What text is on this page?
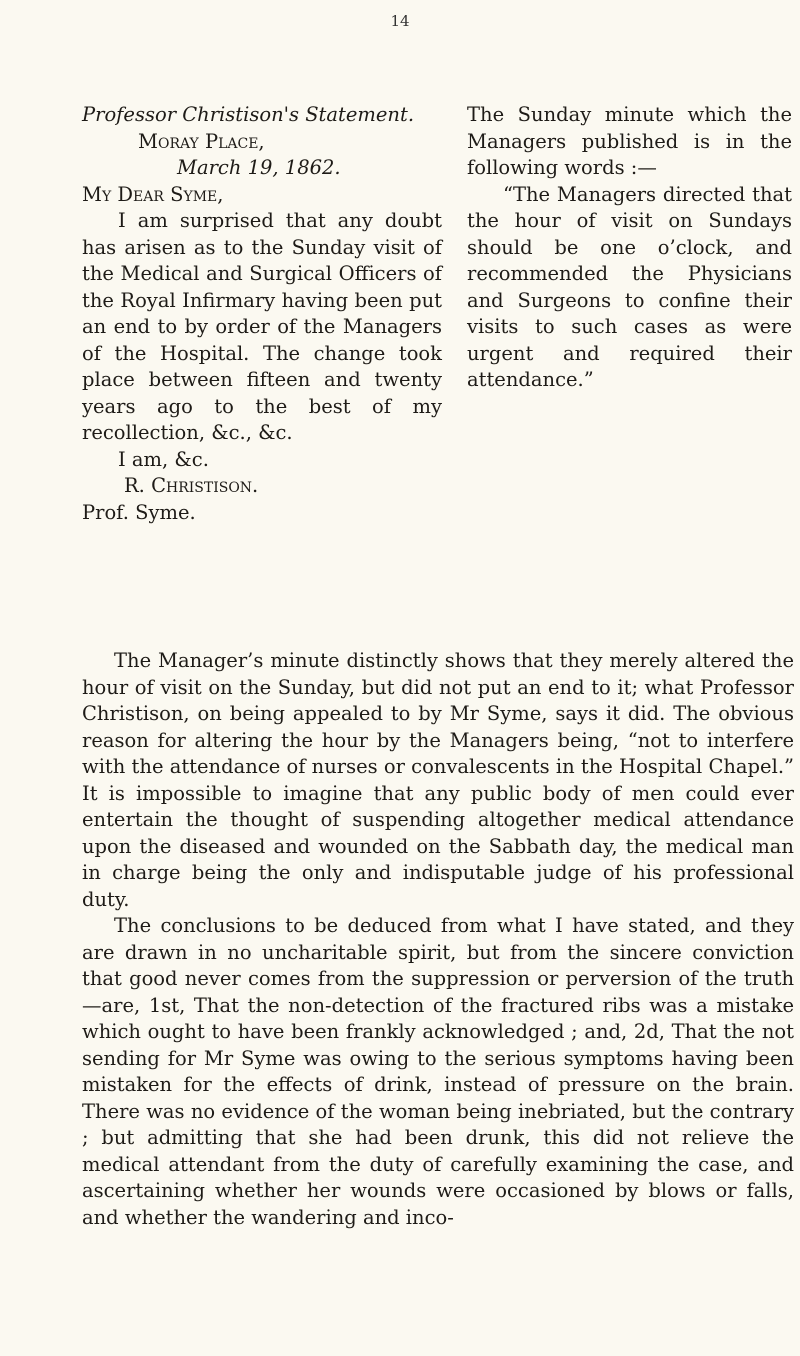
14

Professor Christison's Statement.

Moray Place,

March 19, 1862.

My Dear Syme,

I am surprised that any doubt has arisen as to the Sunday visit of the Medical and Surgical Officers of the Royal Infirmary having been put an end to by order of the Managers of the Hospital. The change took place between fifteen and twenty years ago to the best of my recollection, &c., &c.

I am, &c.

R. Christison.

Prof. Syme.

The Sunday minute which the Managers published is in the following words :—

“The Managers directed that the hour of visit on Sundays should be one o’clock, and recommended the Physicians and Surgeons to confine their visits to such cases as were urgent and required their attendance.”

The Manager’s minute distinctly shows that they merely altered the hour of visit on the Sunday, but did not put an end to it; what Professor Christison, on being appealed to by Mr Syme, says it did. The obvious reason for altering the hour by the Managers being, “not to interfere with the attendance of nurses or convalescents in the Hospital Chapel.” It is impossible to imagine that any public body of men could ever entertain the thought of suspending altogether medical attendance upon the diseased and wounded on the Sabbath day, the medical man in charge being the only and indisputable judge of his professional duty.

The conclusions to be deduced from what I have stated, and they are drawn in no uncharitable spirit, but from the sincere conviction that good never comes from the suppression or perversion of the truth—are, 1st, That the non-detection of the fractured ribs was a mistake which ought to have been frankly acknowledged ; and, 2d, That the not sending for Mr Syme was owing to the serious symptoms having been mistaken for the effects of drink, instead of pressure on the brain. There was no evidence of the woman being inebriated, but the contrary ; but admitting that she had been drunk, this did not relieve the medical attendant from the duty of carefully examining the case, and ascertaining whether her wounds were occasioned by blows or falls, and whether the wandering and inco-
